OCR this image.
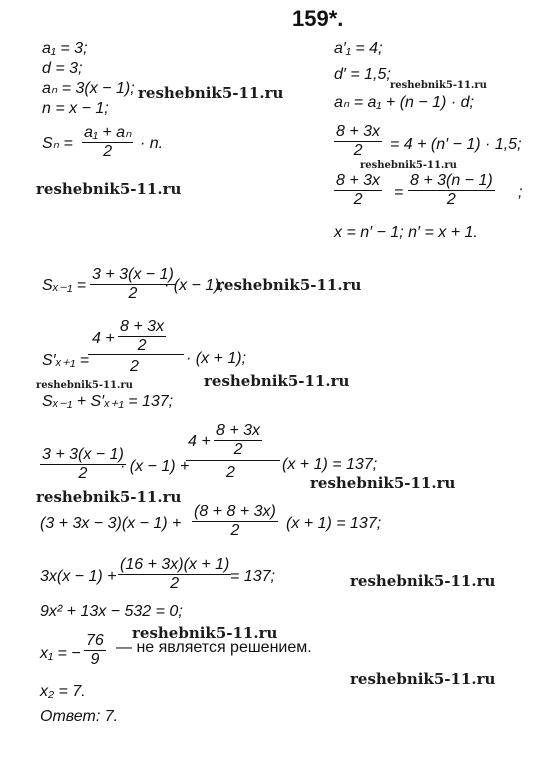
159*.
a₁ = 3;
d = 3;
aₙ = 3(x − 1);
n = x − 1;
$S_n = \frac{\text{a₁ + aₙ}}{2} \cdot n$.
a′₁ = 4;
d′ = 1,5;
aₙ = a₁ + (n − 1) · d;
$\frac{8 + 3x}{2} = 4 + (n' - 1) \cdot 1,5$;
$\frac{8 + 3x}{2} = \frac{8 + 3(n - 1)}{2}$ ;
x = n′ − 1; n′ = x + 1.
$S_{x-1} = \frac{3 + 3(x - 1)}{2}$
· (x − 1);
S′ₓ₊₁ =
$4 + \frac{8 + 3x}{2}$
2	· (x + 1);
Sₓ₋₁ + S′ₓ₊₁ = 137;
$\frac{3 + 3(x - 1)}{2}$
· (x − 1) +
$4 + \frac{8 + 3x}{2}$
2	(x + 1) = 137;
$(3 + 3x - 3)(x - 1) + \frac{(8 + 8 + 3x)}{2} (x + 1) = 137$;
$3x(x - 1) + \frac{(16 + 3x)(x + 1)}{2}$
= 137;
9x² + 13x − 532 = 0;
x₁ = − $\frac{76}{9}$ — не является решением.
x₂ = 7.
Ответ: 7.
reshebnik5-11.ru
reshebnik5-11.ru
reshebnik5-11.ru
reshebnik5-11.ru
reshebnik5-11.ru
reshebnik5-11.ru	reshebnik5-11.ru
reshebnik5-11.ru
reshebnik5-11.ru
reshebnik5-11.ru
reshebnik5-11.ru
reshebnik5-11.ru
